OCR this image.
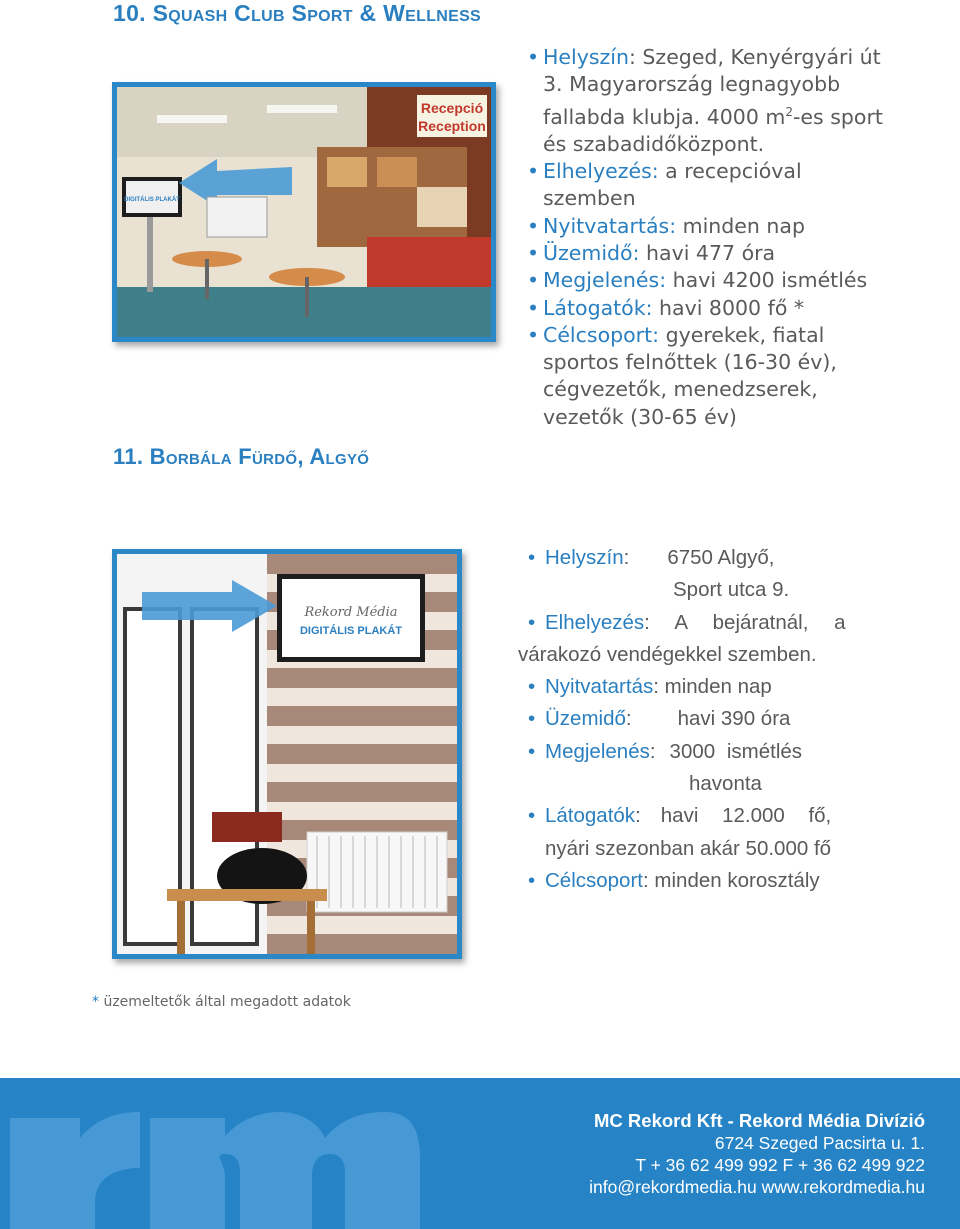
10. Squash Club Sport & Wellness
Recepció
Reception
DIGITÁLIS PLAKÁT
• Helyszín: Szeged, Kenyérgyári út 3. Magyarország legnagyobb fallabda klubja. 4000 $m^2-es$ sport és szabadidőközpont.
• Elhelyezés: a recepcióval szemben
• Nyitvatartás: minden nap
• Üzemidő: havi 477 óra
• Megjelenés: havi 4200 ismétlés
• Látogatók: havi 8000 fő *
• Célcsoport: gyerekek, fiatal sportos felnőttek (16-30 év), cégvezetők, menedzserek, vezetők (30-65 év)
11. Borbála Fürdő, Algyő
Rekord Média
DIGITÁLIS PLAKÁT
• Helyszín: 6750 Algyő,
Sport utca 9.
• Elhelyezés: A bejáratnál, a
várakozó vendégekkel szemben.
• Nyitvatartás: minden nap
• Üzemidő: havi 390 óra
• Megjelenés: 3000 ismétlés
havonta
• Látogatók: havi 12.000 fő,
nyári szezonban akár 50.000 fő
• Célcsoport: minden korosztály
* üzemeltetők által megadott adatok
MC Rekord Kft - Rekord Média Divízió
6724 Szeged Pacsirta u. 1.
T + 36 62 499 992 F + 36 62 499 922
info@rekordmedia.hu www.rekordmedia.hu
